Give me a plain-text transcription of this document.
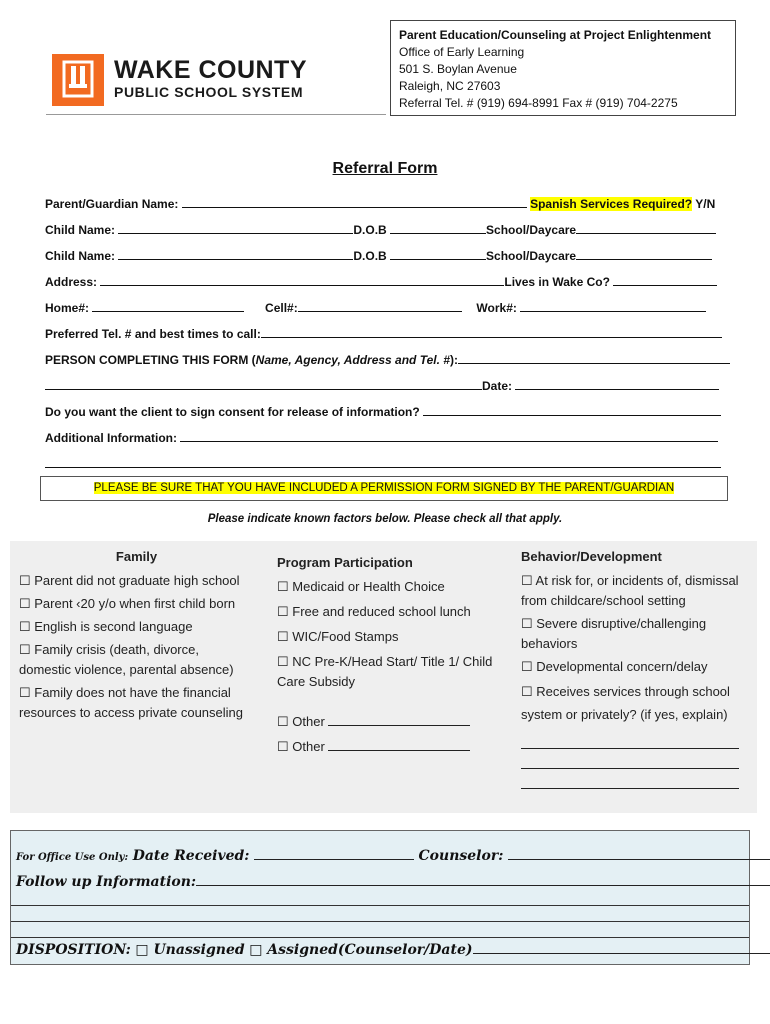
WAKE COUNTY
PUBLIC SCHOOL SYSTEM
Parent Education/Counseling at Project Enlightenment
Office of Early Learning
501 S. Boylan Avenue
Raleigh, NC 27603
Referral Tel. # (919) 694-8991 Fax # (919) 704-2275
Referral Form
Parent/Guardian Name:	Spanish Services Required? Y/N
Child Name:	D.O.B	School/Daycare
Child Name:	D.O.B	School/Daycare
Address:	Lives in Wake Co?
Home#:	Cell#:	Work#:
Preferred Tel. # and best times to call:
PERSON COMPLETING THIS FORM (Name, Agency, Address and Tel. #):
Date:
Do you want the client to sign consent for release of information?
Additional Information:
PLEASE BE SURE THAT YOU HAVE INCLUDED A PERMISSION FORM SIGNED BY THE PARENT/GUARDIAN
Please indicate known factors below. Please check all that apply.
Family
☐ Parent did not graduate high school
☐ Parent ‹20 y/o when first child born
☐ English is second language
☐ Family crisis (death, divorce, domestic violence, parental absence)
☐ Family does not have the financial resources to access private counseling
Program Participation
☐ Medicaid or Health Choice
☐ Free and reduced school lunch
☐ WIC/Food Stamps
☐ NC Pre-K/Head Start/ Title 1/ Child Care Subsidy
☐ Other
☐ Other
Behavior/Development
☐ At risk for, or incidents of, dismissal from childcare/school setting
☐ Severe disruptive/challenging behaviors
☐ Developmental concern/delay
☐ Receives services through school system or privately? (if yes, explain)
For Office Use Only: Date Received:	Counselor:
Follow up Information:
DISPOSITION: □ Unassigned □ Assigned(Counselor/Date)
